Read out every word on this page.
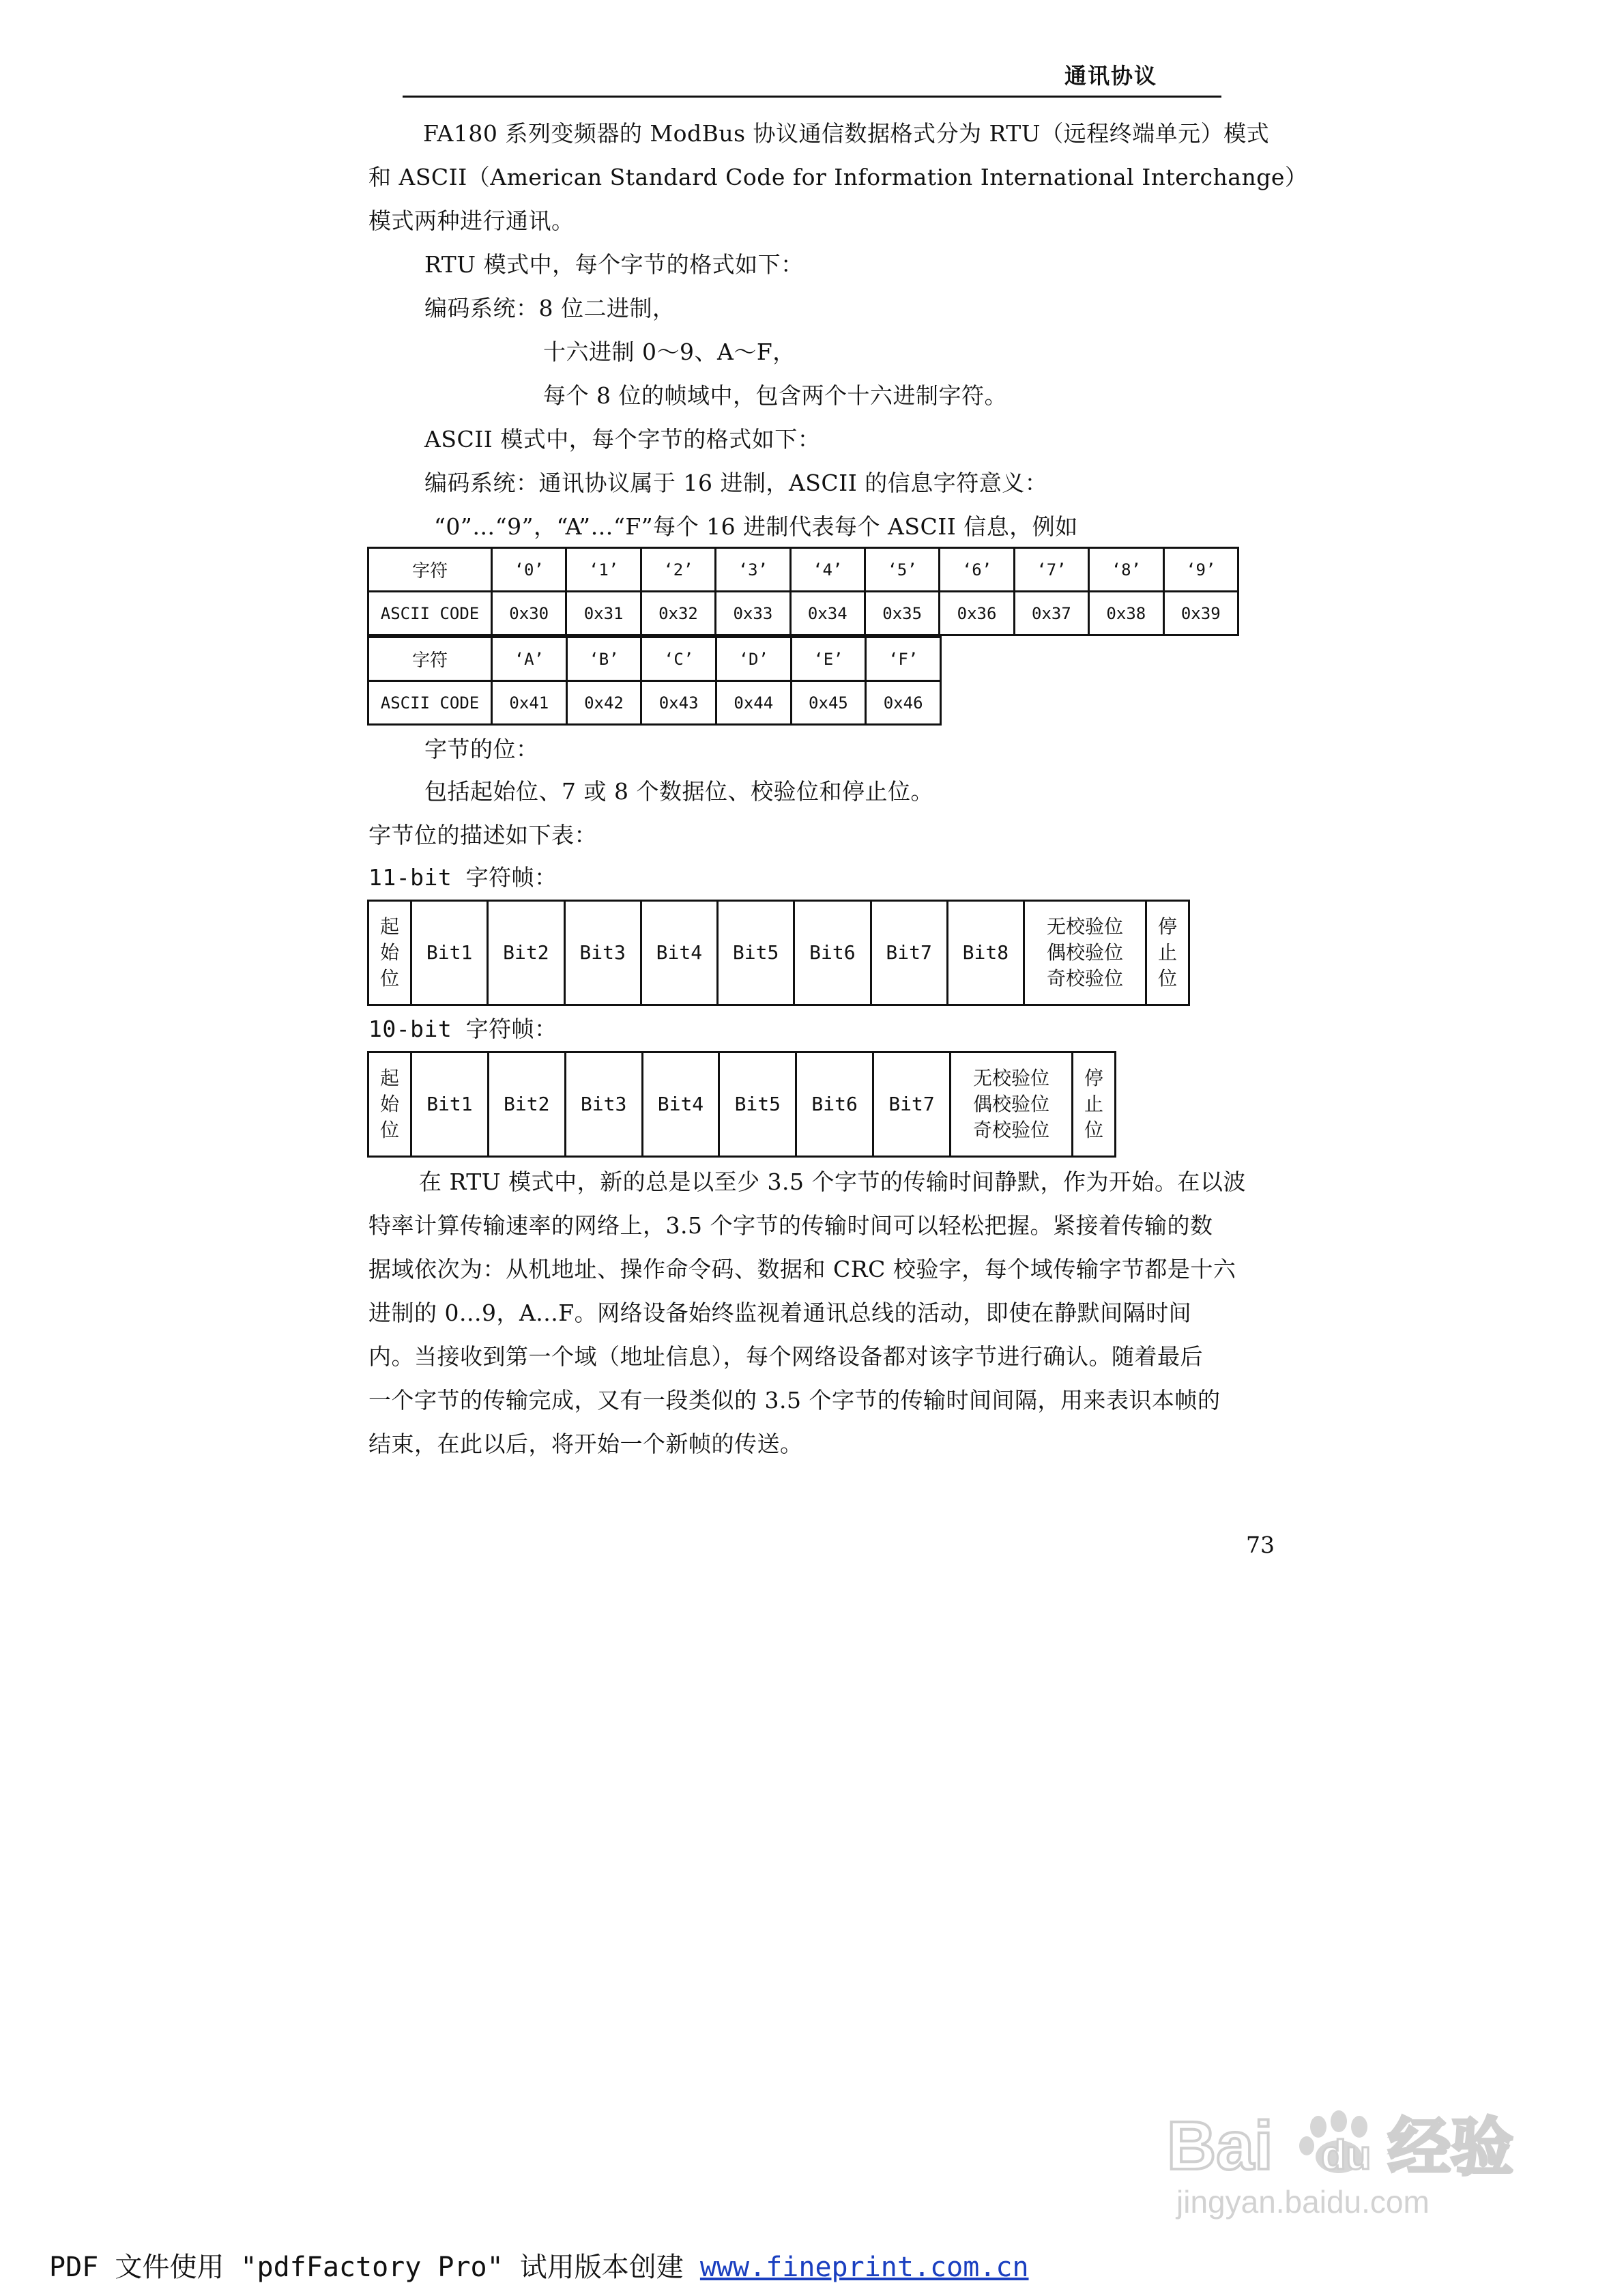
通讯协议
FA180 系列变频器的 ModBus 协议通信数据格式分为 RTU（远程终端单元）模式
和 ASCII（American Standard Code for Information International Interchange）
模式两种进行通讯。
RTU 模式中，每个字节的格式如下：
编码系统：8 位二进制，
十六进制 0～9、A～F，
每个 8 位的帧域中，包含两个十六进制字符。
ASCII 模式中，每个字节的格式如下：
编码系统：通讯协议属于 16 进制，ASCII 的信息字符意义：
“0”…“9”，“A”…“F”每个 16 进制代表每个 ASCII 信息，例如
字符	‘0’	‘1’	‘2’	‘3’	‘4’	‘5’	‘6’	‘7’	‘8’	‘9’
ASCII CODE	0x30	0x31	0x32	0x33	0x34	0x35	0x36	0x37	0x38	0x39
字符	‘A’	‘B’	‘C’	‘D’	‘E’	‘F’
ASCII CODE	0x41	0x42	0x43	0x44	0x45	0x46
字节的位：
包括起始位、7 或 8 个数据位、校验位和停止位。
字节位的描述如下表：
11-bit 字符帧：
起
始
位	Bit1	Bit2	Bit3	Bit4	Bit5	Bit6	Bit7	Bit8	无校验位
偶校验位
奇校验位	停
止
位
10-bit 字符帧：
起
始
位	Bit1	Bit2	Bit3	Bit4	Bit5	Bit6	Bit7	无校验位
偶校验位
奇校验位	停
止
位
在 RTU 模式中，新的总是以至少 3.5 个字节的传输时间静默，作为开始。在以波
特率计算传输速率的网络上，3.5 个字节的传输时间可以轻松把握。紧接着传输的数
据域依次为：从机地址、操作命令码、数据和 CRC 校验字，每个域传输字节都是十六
进制的 0...9，A...F。网络设备始终监视着通讯总线的活动，即使在静默间隔时间
内。当接收到第一个域（地址信息），每个网络设备都对该字节进行确认。随着最后
一个字节的传输完成，又有一段类似的 3.5 个字节的传输时间间隔，用来表识本帧的
结束，在此以后，将开始一个新帧的传送。
73
Bai du 经验
jingyan.baidu.com
PDF 文件使用 "pdfFactory Pro" 试用版本创建 www.fineprint.com.cn
